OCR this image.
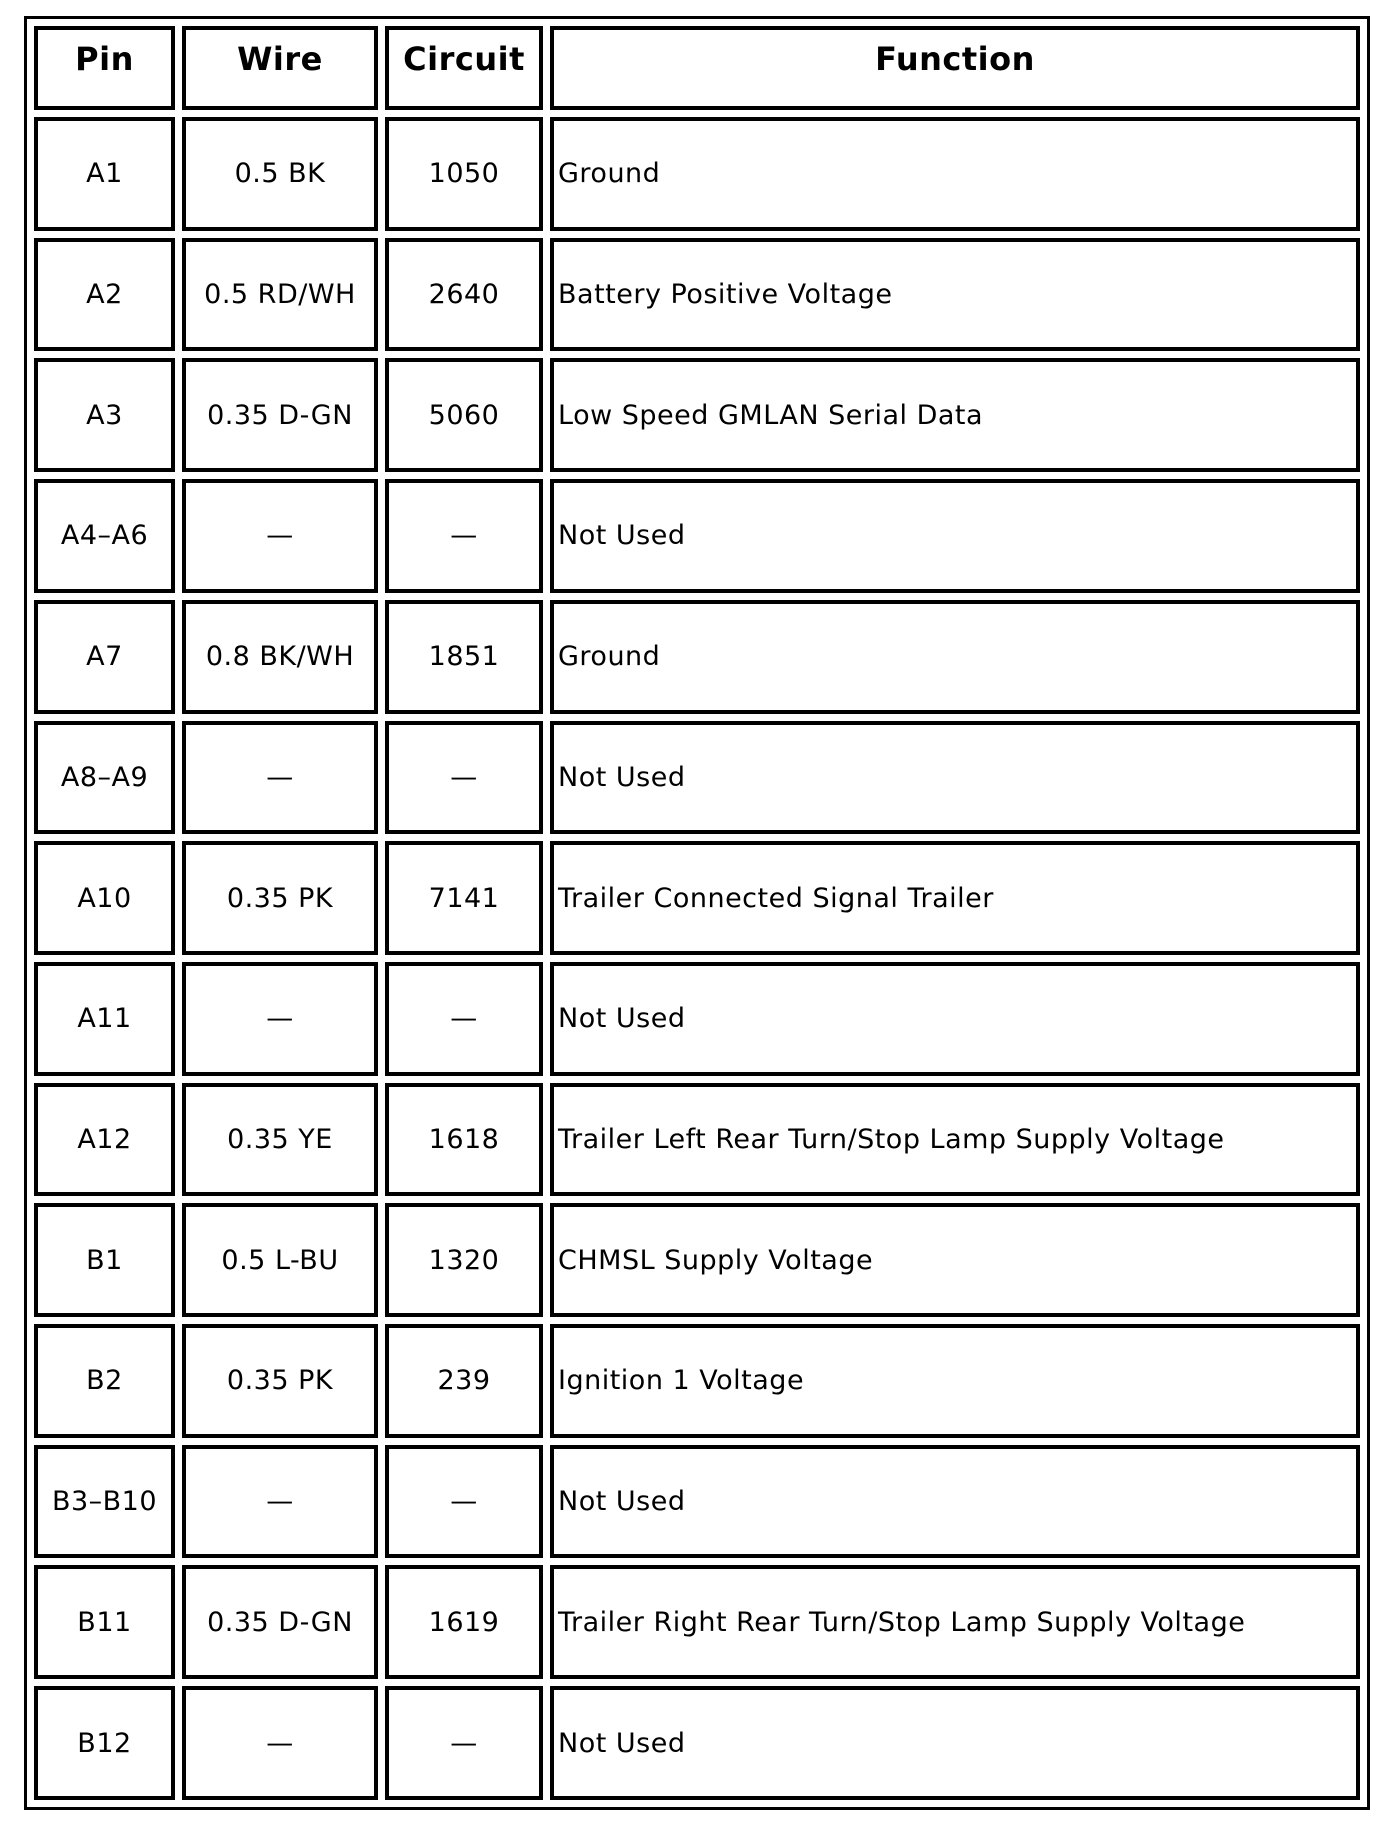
Pin	Wire	Circuit	Function
A1	0.5 BK	1050	Ground
A2	0.5 RD/WH	2640	Battery Positive Voltage
A3	0.35 D-GN	5060	Low Speed GMLAN Serial Data
A4–A6	—	—	Not Used
A7	0.8 BK/WH	1851	Ground
A8–A9	—	—	Not Used
A10	0.35 PK	7141	Trailer Connected Signal Trailer
A11	—	—	Not Used
A12	0.35 YE	1618	Trailer Left Rear Turn/Stop Lamp Supply Voltage
B1	0.5 L-BU	1320	CHMSL Supply Voltage
B2	0.35 PK	239	Ignition 1 Voltage
B3–B10	—	—	Not Used
B11	0.35 D-GN	1619	Trailer Right Rear Turn/Stop Lamp Supply Voltage
B12	—	—	Not Used
